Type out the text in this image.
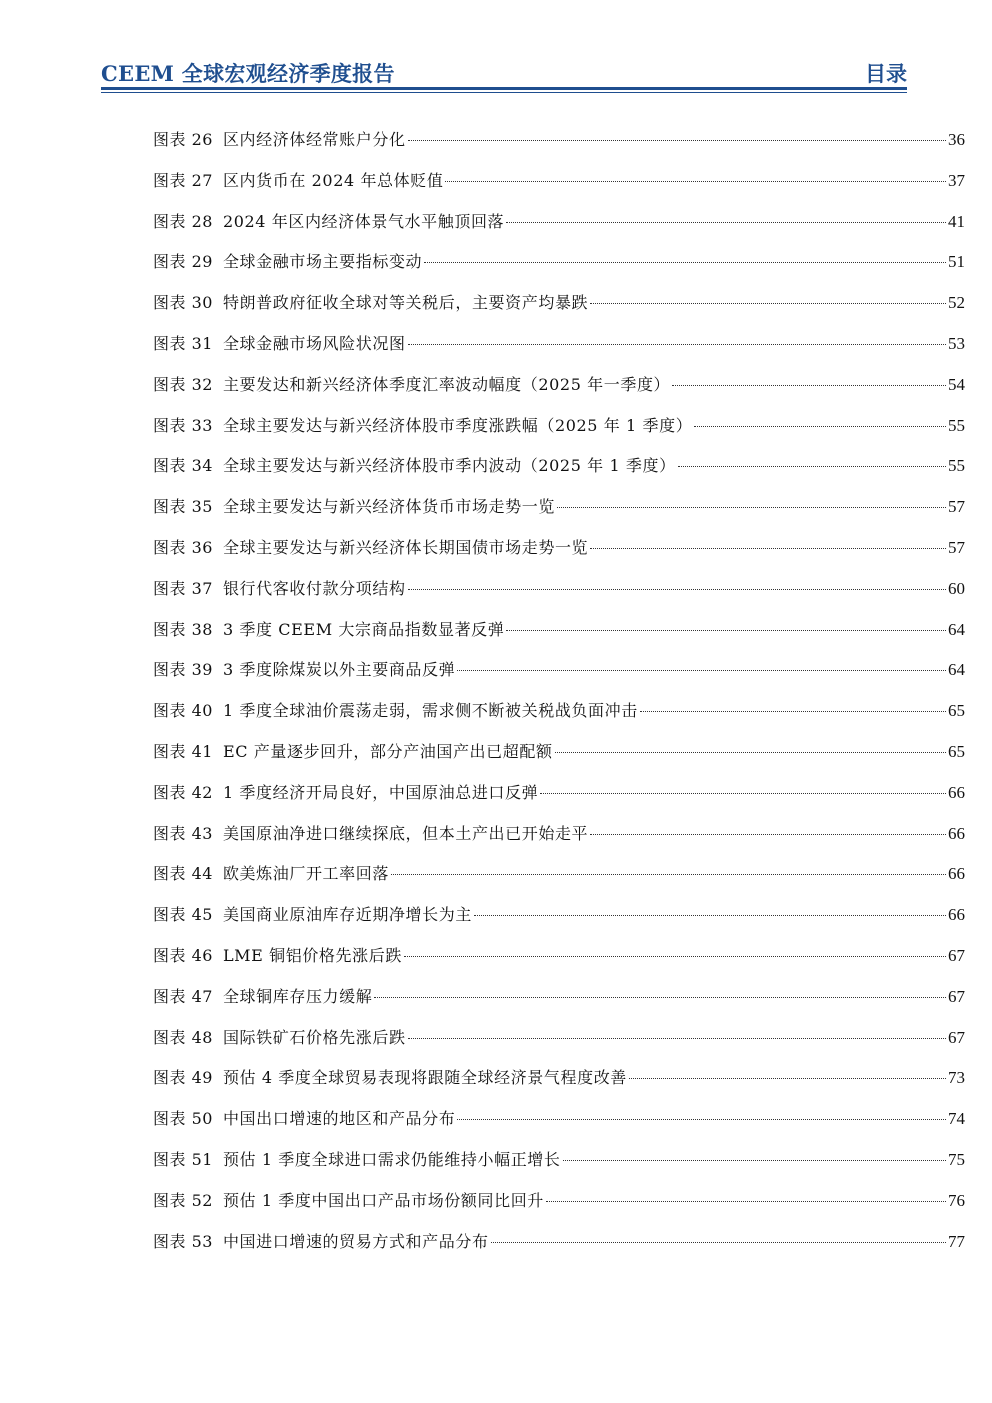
CEEM 全球宏观经济季度报告	目录
图表 26 区内经济体经常账户分化	36
图表 27 区内货币在 2024 年总体贬值	37
图表 28 2024 年区内经济体景气水平触顶回落	41
图表 29 全球金融市场主要指标变动	51
图表 30 特朗普政府征收全球对等关税后，主要资产均暴跌	52
图表 31 全球金融市场风险状况图	53
图表 32 主要发达和新兴经济体季度汇率波动幅度（2025 年一季度）	54
图表 33 全球主要发达与新兴经济体股市季度涨跌幅（2025 年 1 季度）	55
图表 34 全球主要发达与新兴经济体股市季内波动（2025 年 1 季度）	55
图表 35 全球主要发达与新兴经济体货币市场走势一览	57
图表 36 全球主要发达与新兴经济体长期国债市场走势一览	57
图表 37 银行代客收付款分项结构	60
图表 38 3 季度 CEEM 大宗商品指数显著反弹	64
图表 39 3 季度除煤炭以外主要商品反弹	64
图表 40 1 季度全球油价震荡走弱，需求侧不断被关税战负面冲击	65
图表 41 EC 产量逐步回升，部分产油国产出已超配额	65
图表 42 1 季度经济开局良好，中国原油总进口反弹	66
图表 43 美国原油净进口继续探底，但本土产出已开始走平	66
图表 44 欧美炼油厂开工率回落	66
图表 45 美国商业原油库存近期净增长为主	66
图表 46 LME 铜铝价格先涨后跌	67
图表 47 全球铜库存压力缓解	67
图表 48 国际铁矿石价格先涨后跌	67
图表 49 预估 4 季度全球贸易表现将跟随全球经济景气程度改善	73
图表 50 中国出口增速的地区和产品分布	74
图表 51 预估 1 季度全球进口需求仍能维持小幅正增长	75
图表 52 预估 1 季度中国出口产品市场份额同比回升	76
图表 53 中国进口增速的贸易方式和产品分布	77
